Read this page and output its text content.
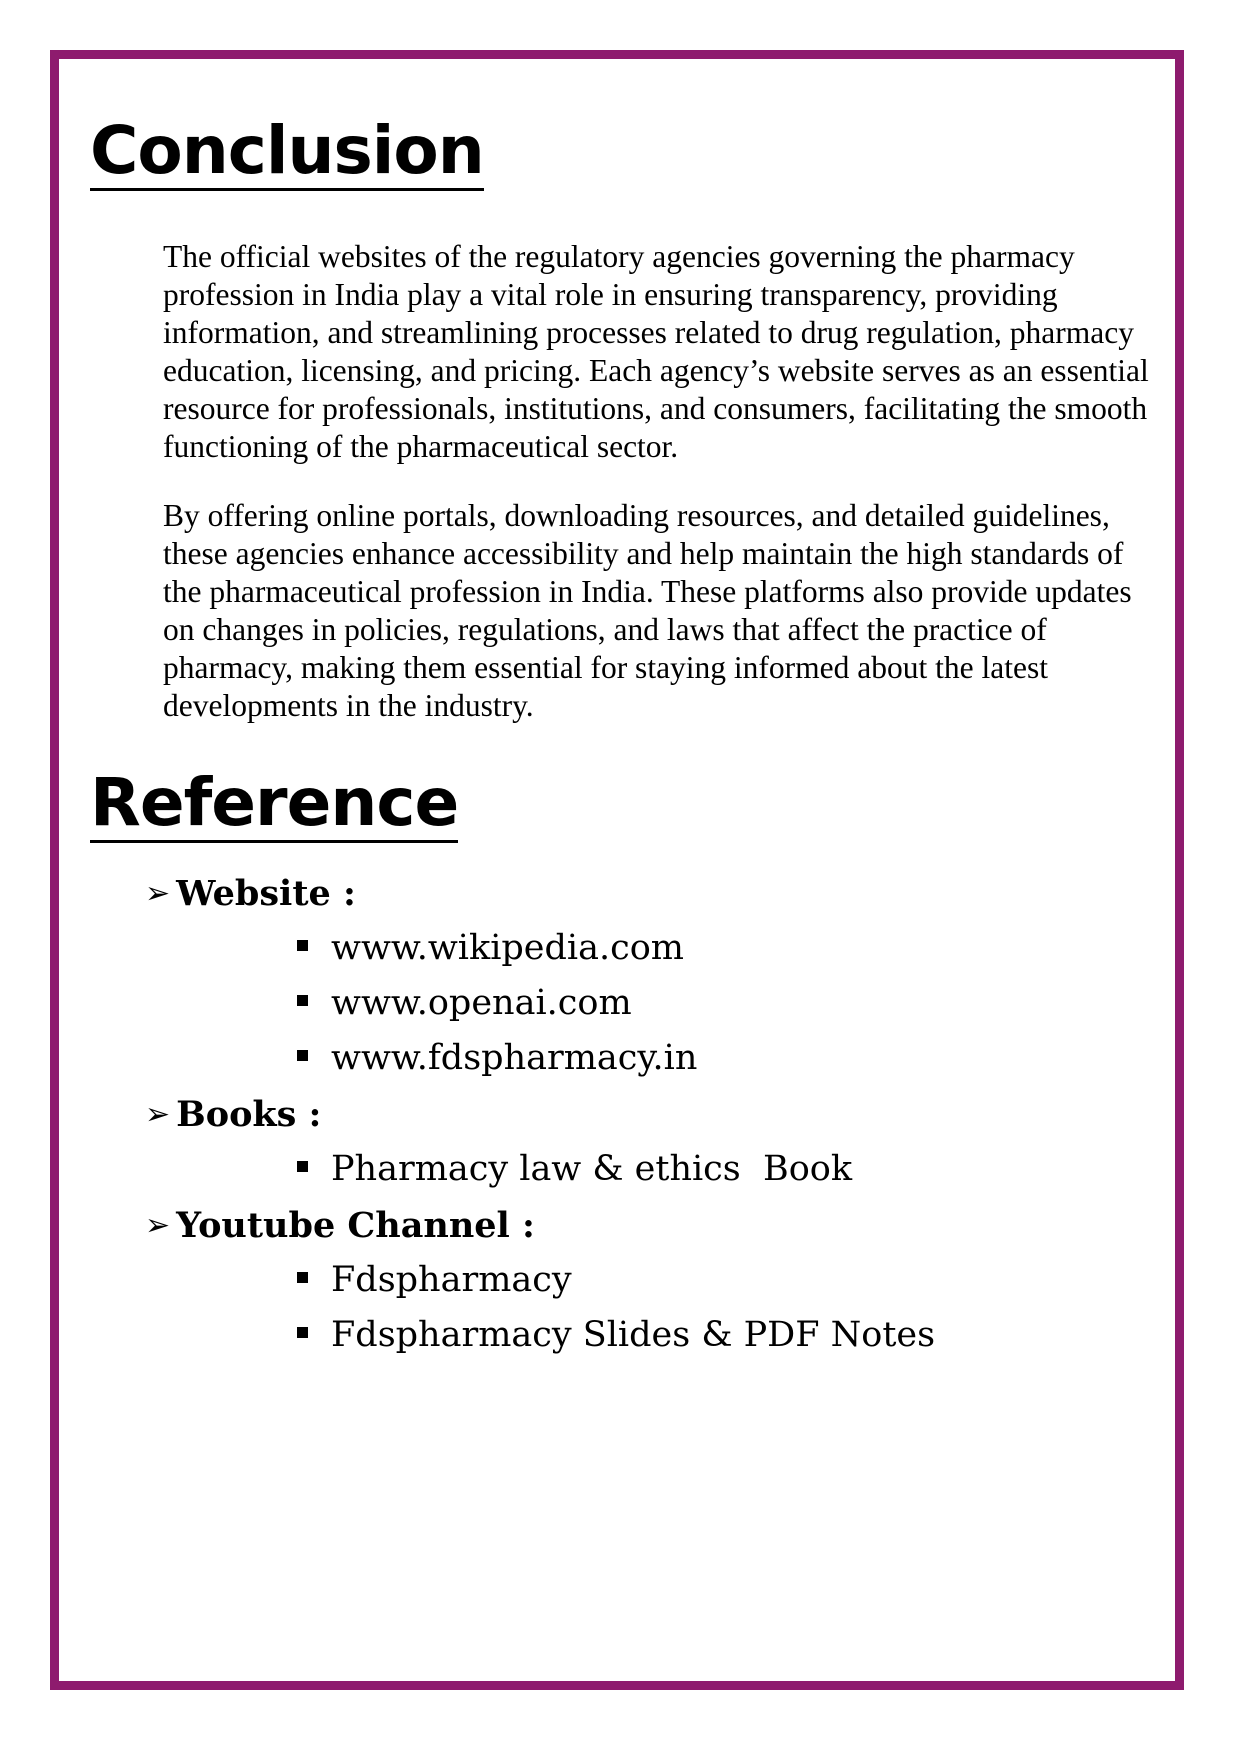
Conclusion

The official websites of the regulatory agencies governing the pharmacy profession in India play a vital role in ensuring transparency, providing information, and streamlining processes related to drug regulation, pharmacy education, licensing, and pricing. Each agency’s website serves as an essential resource for professionals, institutions, and consumers, facilitating the smooth functioning of the pharmaceutical sector.

By offering online portals, downloading resources, and detailed guidelines, these agencies enhance accessibility and help maintain the high standards of the pharmaceutical profession in India. These platforms also provide updates on changes in policies, regulations, and laws that affect the practice of pharmacy, making them essential for staying informed about the latest developments in the industry.

Reference
➢ Website :
www.wikipedia.com
www.openai.com
www.fdspharmacy.in
➢ Books :
Pharmacy law & ethics  Book
➢ Youtube Channel :
Fdspharmacy
Fdspharmacy Slides & PDF Notes
